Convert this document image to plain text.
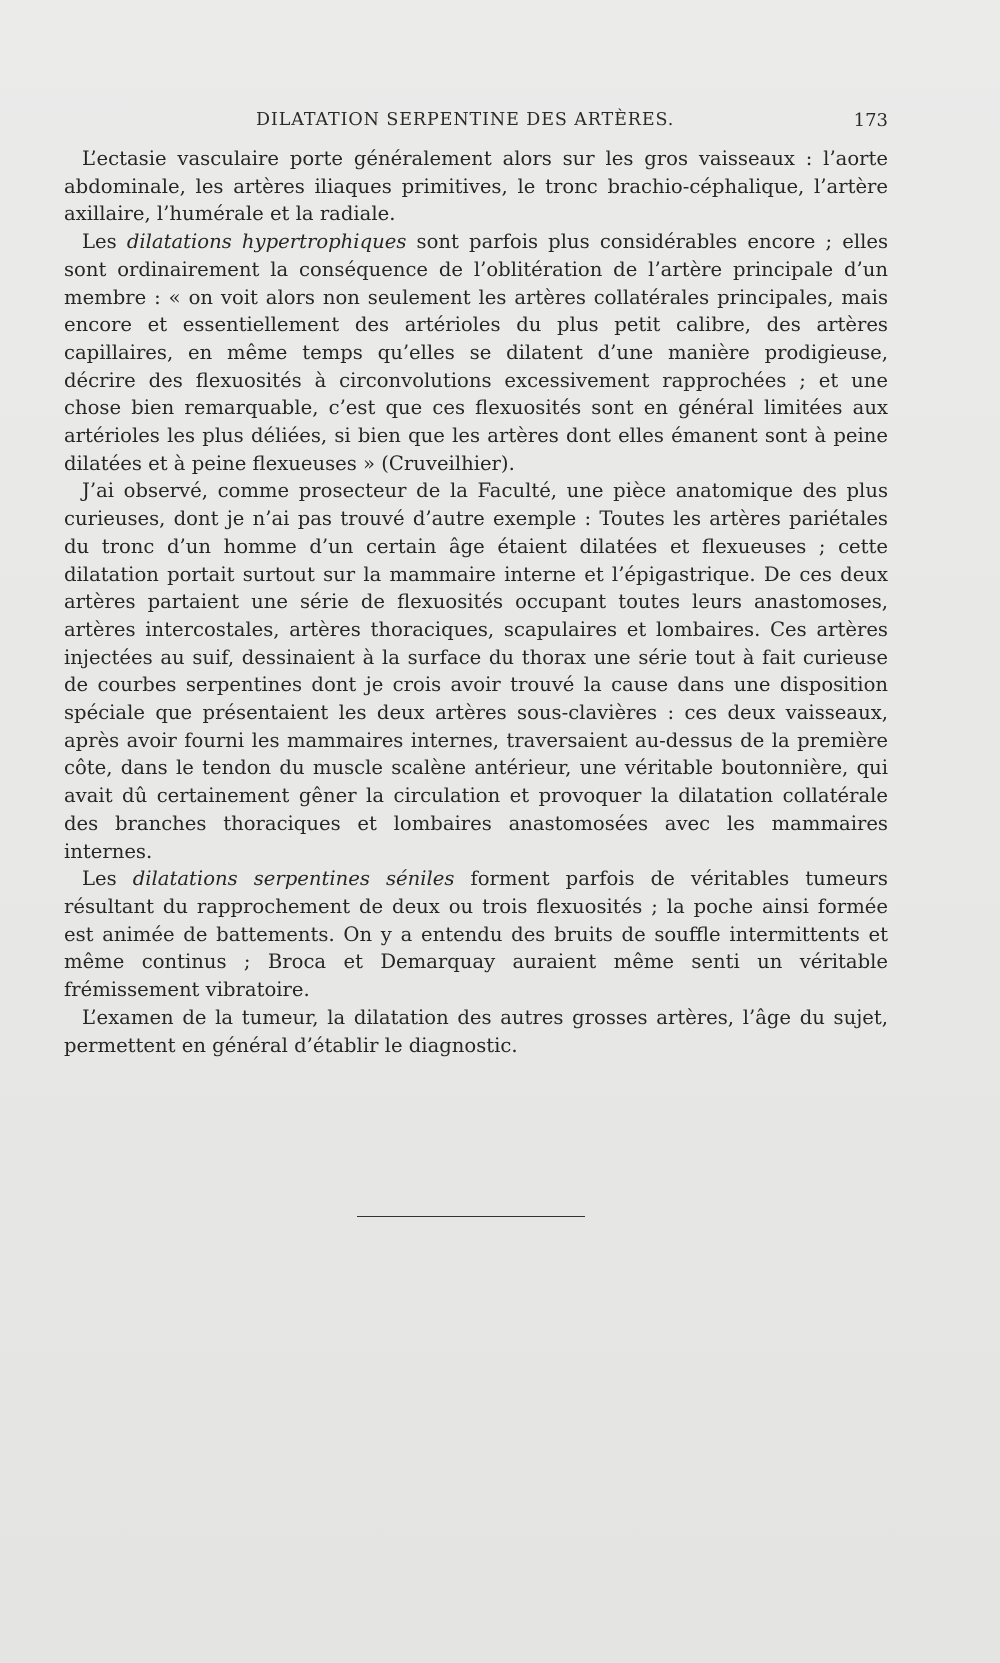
DILATATION SERPENTINE DES ARTÈRES.	173

L’ectasie vasculaire porte généralement alors sur les gros vaisseaux : l’aorte abdominale, les artères iliaques primitives, le tronc brachio-céphalique, l’artère axillaire, l’humérale et la radiale.

Les dilatations hypertrophiques sont parfois plus considérables encore ; elles sont ordinairement la conséquence de l’oblitération de l’artère principale d’un membre : « on voit alors non seulement les artères collatérales principales, mais encore et essentiellement des artérioles du plus petit calibre, des artères capillaires, en même temps qu’elles se dilatent d’une manière prodigieuse, décrire des flexuosités à circonvolutions excessivement rapprochées ; et une chose bien remarquable, c’est que ces flexuosités sont en général limitées aux artérioles les plus déliées, si bien que les artères dont elles émanent sont à peine dilatées et à peine flexueuses » (Cruveilhier).

J’ai observé, comme prosecteur de la Faculté, une pièce anatomique des plus curieuses, dont je n’ai pas trouvé d’autre exemple : Toutes les artères pariétales du tronc d’un homme d’un certain âge étaient dilatées et flexueuses ; cette dilatation portait surtout sur la mammaire interne et l’épigastrique. De ces deux artères partaient une série de flexuosités occupant toutes leurs anastomoses, artères intercostales, artères thoraciques, scapulaires et lombaires. Ces artères injectées au suif, dessinaient à la surface du thorax une série tout à fait curieuse de courbes serpentines dont je crois avoir trouvé la cause dans une disposition spéciale que présentaient les deux artères sous-clavières : ces deux vaisseaux, après avoir fourni les mammaires internes, traversaient au-dessus de la première côte, dans le tendon du muscle scalène antérieur, une véritable boutonnière, qui avait dû certainement gêner la circulation et provoquer la dilatation collatérale des branches thoraciques et lombaires anastomosées avec les mammaires internes.

Les dilatations serpentines séniles forment parfois de véritables tumeurs résultant du rapprochement de deux ou trois flexuosités ; la poche ainsi formée est animée de battements. On y a entendu des bruits de souffle intermittents et même continus ; Broca et Demarquay auraient même senti un véritable frémissement vibratoire.

L’examen de la tumeur, la dilatation des autres grosses artères, l’âge du sujet, permettent en général d’établir le diagnostic.
